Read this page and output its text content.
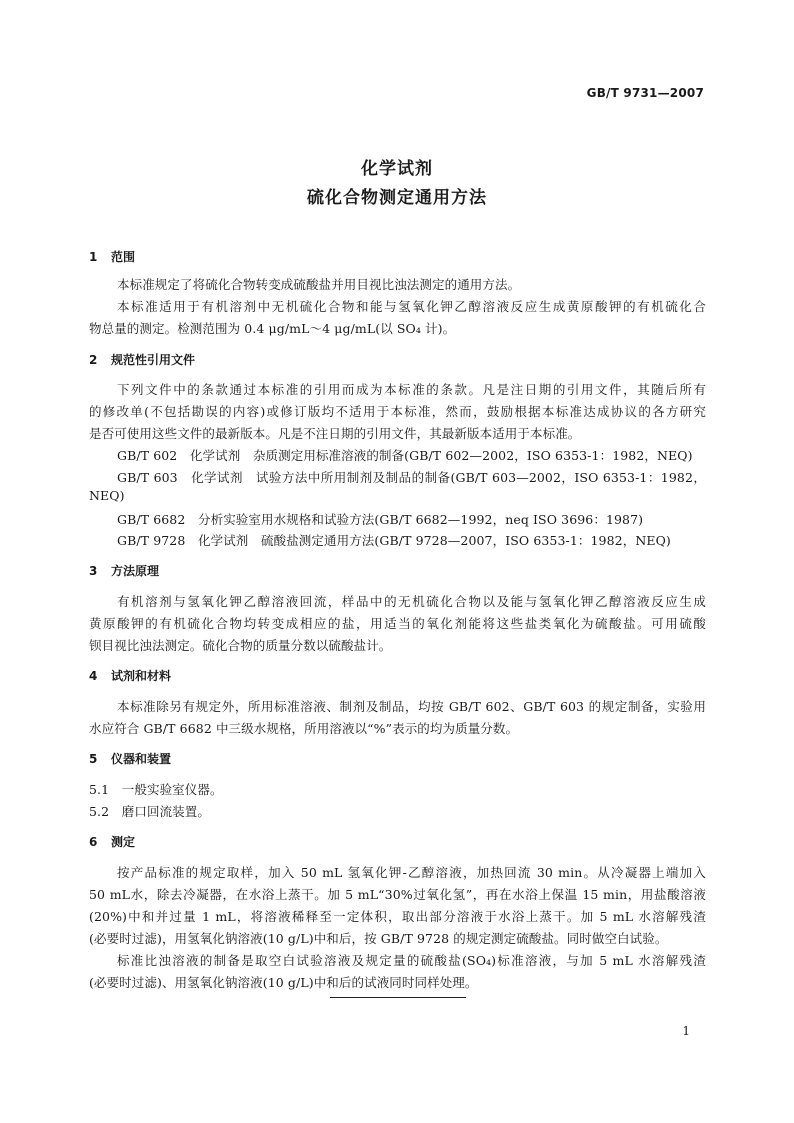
GB/T 9731—2007
化学试剂
硫化合物测定通用方法
1 范围
本标准规定了将硫化合物转变成硫酸盐并用目视比浊法测定的通用方法。
本标准适用于有机溶剂中无机硫化合物和能与氢氧化钾乙醇溶液反应生成黄原酸钾的有机硫化合
物总量的测定。检测范围为 0.4 μg/mL～4 μg/mL(以 SO₄ 计)。
2 规范性引用文件
下列文件中的条款通过本标准的引用而成为本标准的条款。凡是注日期的引用文件，其随后所有
的修改单(不包括勘误的内容)或修订版均不适用于本标准，然而，鼓励根据本标准达成协议的各方研究
是否可使用这些文件的最新版本。凡是不注日期的引用文件，其最新版本适用于本标准。
GB/T 602　化学试剂　杂质测定用标准溶液的制备(GB/T 602—2002，ISO 6353-1：1982，NEQ)
GB/T 603　化学试剂　试验方法中所用制剂及制品的制备(GB/T 603—2002，ISO 6353-1：1982，
NEQ)
GB/T 6682　分析实验室用水规格和试验方法(GB/T 6682—1992，neq ISO 3696：1987)
GB/T 9728　化学试剂　硫酸盐测定通用方法(GB/T 9728—2007，ISO 6353-1：1982，NEQ)
3 方法原理
有机溶剂与氢氧化钾乙醇溶液回流，样品中的无机硫化合物以及能与氢氧化钾乙醇溶液反应生成
黄原酸钾的有机硫化合物均转变成相应的盐，用适当的氧化剂能将这些盐类氧化为硫酸盐。可用硫酸
钡目视比浊法测定。硫化合物的质量分数以硫酸盐计。
4 试剂和材料
本标准除另有规定外，所用标准溶液、制剂及制品，均按 GB/T 602、GB/T 603 的规定制备，实验用
水应符合 GB/T 6682 中三级水规格，所用溶液以“%”表示的均为质量分数。
5 仪器和装置
5.1　一般实验室仪器。
5.2　磨口回流装置。
6 测定
按产品标准的规定取样，加入 50 mL 氢氧化钾-乙醇溶液，加热回流 30 min。从冷凝器上端加入
50 mL水，除去冷凝器，在水浴上蒸干。加 5 mL“30%过氧化氢”，再在水浴上保温 15 min，用盐酸溶液
(20%)中和并过量 1 mL，将溶液稀释至一定体积，取出部分溶液于水浴上蒸干。加 5 mL 水溶解残渣
(必要时过滤)，用氢氧化钠溶液(10 g/L)中和后，按 GB/T 9728 的规定测定硫酸盐。同时做空白试验。
标准比浊溶液的制备是取空白试验溶液及规定量的硫酸盐(SO₄)标准溶液，与加 5 mL 水溶解残渣
(必要时过滤)、用氢氧化钠溶液(10 g/L)中和后的试液同时同样处理。
1
